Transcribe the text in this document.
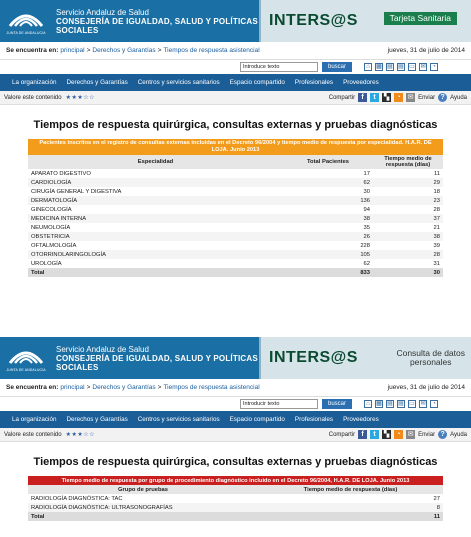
JUNTA DE ANDALUCIA
Servicio Andaluz de Salud
CONSEJERÍA DE IGUALDAD, SALUD Y POLÍTICAS SOCIALES
INTERS@S	Tarjeta Sanitaria
Se encuentra en: principal > Derechos y Garantías > Tiempos de respuesta asistencial	jueves, 31 de julio de 2014
Introduce texto	buscar	⌂	▦ ▤ ▤ ▭ ✉	◔
La organización Derechos y Garantías Centros y servicios sanitarios Espacio compartido Profesionales Proveedores
Valore este contenido ★★★☆☆	Compartir f	t	▚	◔ ✉ Enviar ? Ayuda
Tiempos de respuesta quirúrgica, consultas externas y pruebas diagnósticas
Pacientes inscritos en el registro de consultas externas incluidas en el Decreto 96/2004 y tiempo medio de respuesta por especialidad. H.A.R. DE LOJA. Junio 2013		
Especialidad	Total Pacientes	Tiempo medio de respuesta (días)
APARATO DIGESTIVO	17	11
CARDIOLOGÍA	62	29
CIRUGÍA GENERAL Y DIGESTIVA	30	18
DERMATOLOGÍA	136	23
GINECOLOGÍA	94	28
MEDICINA INTERNA	38	37
NEUMOLOGÍA	35	21
OBSTETRICIA	26	38
OFTALMOLOGÍA	228	39
OTORRINOLARINGOLOGÍA	105	28
UROLOGÍA	62	31
Total	833	30
JUNTA DE ANDALUCIA
Servicio Andaluz de Salud
CONSEJERÍA DE IGUALDAD, SALUD Y POLÍTICAS SOCIALES
INTERS@S	Consulta de datos
personales
Se encuentra en: principal > Derechos y Garantías > Tiempos de respuesta asistencial	jueves, 31 de julio de 2014
Introducir texto	buscar	⌂	▦ ▤ ▤ ▭ ✉	◔
La organización Derechos y Garantías Centros y servicios sanitarios Espacio compartido Profesionales Proveedores
Valore este contenido ★★★☆☆	Compartir f	t	▚	◔ ✉ Enviar ? Ayuda
Tiempos de respuesta quirúrgica, consultas externas y pruebas diagnósticas
Tiempo medio de respuesta por grupo de procedimiento diagnóstico incluido en el Decreto 96/2004, H.A.R. DE LOJA. Junio 2013	
Grupo de pruebas	Tiempo medio de respuesta (días)
RADIOLOGÍA DIAGNÓSTICA: TAC	27
RADIOLOGÍA DIAGNÓSTICA: ULTRASONOGRAFÍAS	8
Total	11
